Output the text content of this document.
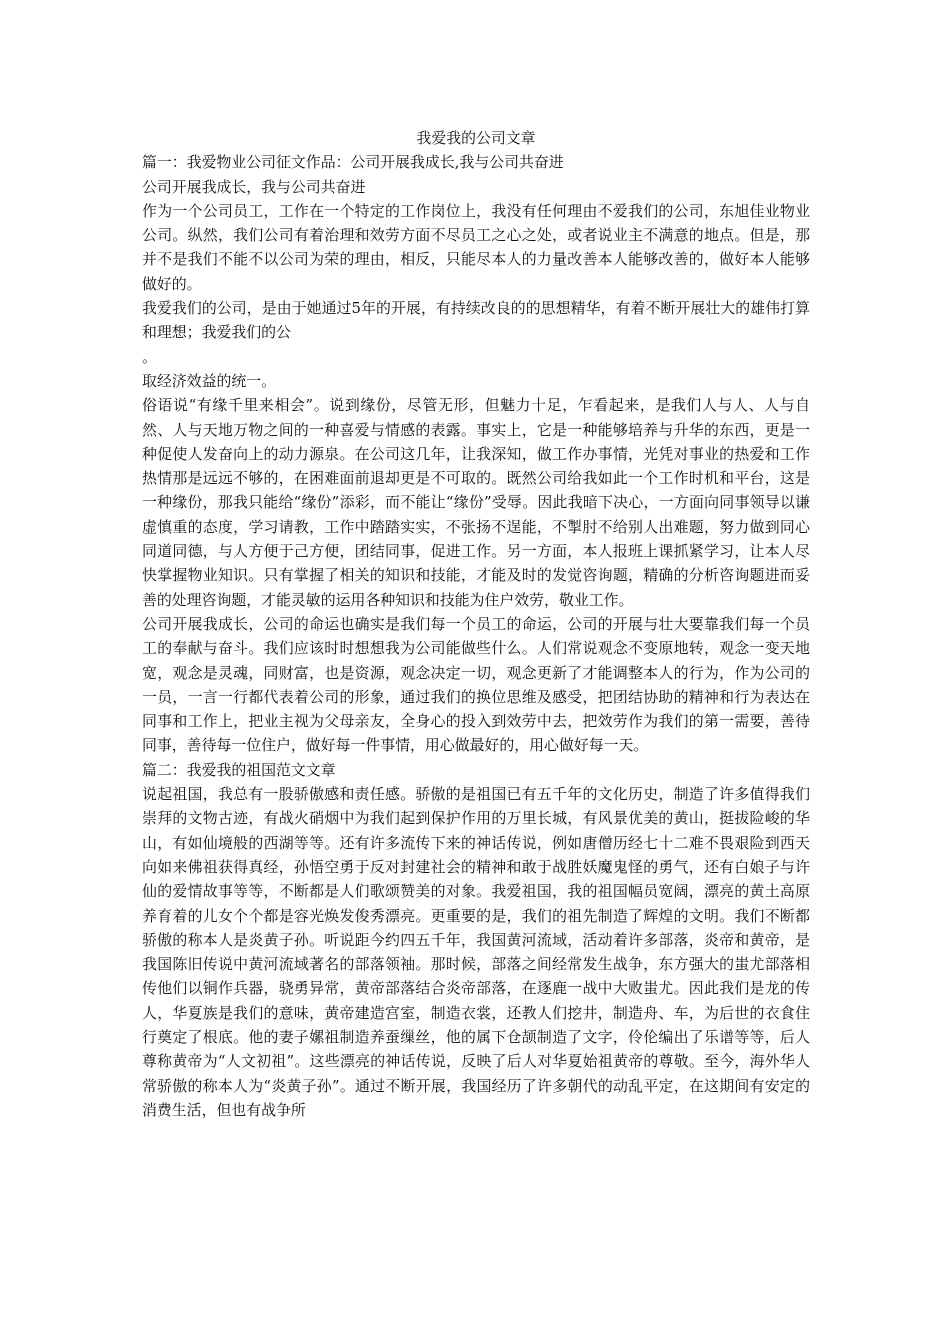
我爱我的公司文章

篇一：我爱物业公司征文作品：公司开展我成长,我与公司共奋进

公司开展我成长，我与公司共奋进

作为一个公司员工，工作在一个特定的工作岗位上，我没有任何理由不爱我们的公司，东旭佳业物业公司。纵然，我们公司有着治理和效劳方面不尽员工之心之处，或者说业主不满意的地点。但是，那并不是我们不能不以公司为荣的理由，相反，只能尽本人的力量改善本人能够改善的，做好本人能够做好的。

我爱我们的公司，是由于她通过5年的开展，有持续改良的的思想精华，有着不断开展壮大的雄伟打算和理想；我爱我们的公

。

取经济效益的统一。

俗语说“有缘千里来相会”。说到缘份，尽管无形，但魅力十足，乍看起来，是我们人与人、人与自然、人与天地万物之间的一种喜爱与情感的表露。事实上，它是一种能够培养与升华的东西，更是一种促使人发奋向上的动力源泉。在公司这几年，让我深知，做工作办事情，光凭对事业的热爱和工作热情那是远远不够的，在困难面前退却更是不可取的。既然公司给我如此一个工作时机和平台，这是一种缘份，那我只能给“缘份”添彩，而不能让“缘份”受辱。因此我暗下决心，一方面向同事领导以谦虚慎重的态度，学习请教，工作中踏踏实实，不张扬不逞能，不掣肘不给别人出难题，努力做到同心同道同德，与人方便于己方便，团结同事，促进工作。另一方面，本人报班上课抓紧学习，让本人尽快掌握物业知识。只有掌握了相关的知识和技能，才能及时的发觉咨询题，精确的分析咨询题进而妥善的处理咨询题，才能灵敏的运用各种知识和技能为住户效劳，敬业工作。

公司开展我成长，公司的命运也确实是我们每一个员工的命运，公司的开展与壮大要靠我们每一个员工的奉献与奋斗。我们应该时时想想我为公司能做些什么。人们常说观念不变原地转，观念一变天地宽，观念是灵魂，同财富，也是资源，观念决定一切，观念更新了才能调整本人的行为，作为公司的一员，一言一行都代表着公司的形象，通过我们的换位思维及感受，把团结协助的精神和行为表达在同事和工作上，把业主视为父母亲友，全身心的投入到效劳中去，把效劳作为我们的第一需要，善待同事，善待每一位住户，做好每一件事情，用心做最好的，用心做好每一天。

篇二：我爱我的祖国范文文章

说起祖国，我总有一股骄傲感和责任感。骄傲的是祖国已有五千年的文化历史，制造了许多值得我们崇拜的文物古迹，有战火硝烟中为我们起到保护作用的万里长城，有风景优美的黄山，挺拔险峻的华山，有如仙境般的西湖等等。还有许多流传下来的神话传说，例如唐僧历经七十二难不畏艰险到西天向如来佛祖获得真经，孙悟空勇于反对封建社会的精神和敢于战胜妖魔鬼怪的勇气，还有白娘子与许仙的爱情故事等等，不断都是人们歌颂赞美的对象。我爱祖国，我的祖国幅员宽阔，漂亮的黄土高原养育着的儿女个个都是容光焕发俊秀漂亮。更重要的是，我们的祖先制造了辉煌的文明。我们不断都骄傲的称本人是炎黄子孙。听说距今约四五千年，我国黄河流域，活动着许多部落，炎帝和黄帝，是我国陈旧传说中黄河流域著名的部落领袖。那时候，部落之间经常发生战争，东方强大的蚩尤部落相传他们以铜作兵器，骁勇异常，黄帝部落结合炎帝部落，在逐鹿一战中大败蚩尤。因此我们是龙的传人，华夏族是我们的意味，黄帝建造宫室，制造衣裳，还教人们挖井，制造舟、车，为后世的衣食住行奠定了根底。他的妻子嫘祖制造养蚕缫丝，他的属下仓颉制造了文字，伶伦编出了乐谱等等，后人尊称黄帝为“人文初祖”。这些漂亮的神话传说，反映了后人对华夏始祖黄帝的尊敬。至今，海外华人常骄傲的称本人为“炎黄子孙”。通过不断开展，我国经历了许多朝代的动乱平定，在这期间有安定的消费生活，但也有战争所
